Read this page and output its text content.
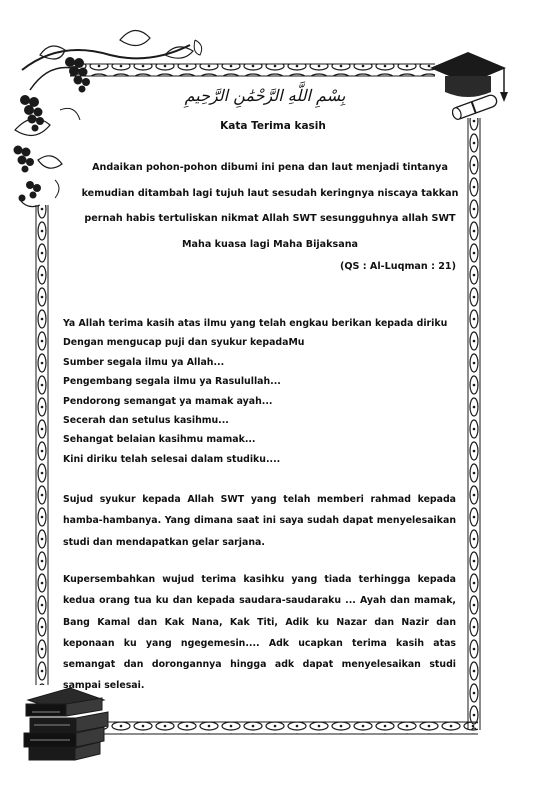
بِسْمِ اللَّهِ الرَّحْمَٰنِ الرَّحِيمِ
Kata Terima kasih
Andaikan pohon-pohon dibumi ini pena dan laut menjadi tintanya
kemudian ditambah lagi tujuh laut sesudah keringnya niscaya takkan
pernah habis tertuliskan nikmat Allah SWT sesungguhnya allah SWT
Maha kuasa lagi Maha Bijaksana
(QS : Al-Luqman : 21)
Ya Allah terima kasih atas ilmu yang telah engkau berikan kepada diriku
Dengan mengucap puji dan syukur kepadaMu
Sumber segala ilmu ya Allah...
Pengembang segala ilmu ya Rasulullah...
Pendorong semangat ya mamak ayah...
Secerah dan setulus kasihmu...
Sehangat belaian kasihmu mamak...
Kini diriku telah selesai dalam studiku....
Sujud syukur kepada Allah SWT yang telah memberi rahmad kepada hamba-hambanya. Yang dimana saat ini saya sudah dapat menyelesaikan studi dan mendapatkan gelar sarjana.
Kupersembahkan wujud terima kasihku yang tiada terhingga kepada kedua orang tua ku dan kepada saudara-saudaraku ... Ayah dan mamak, Bang Kamal dan Kak Nana, Kak Titi, Adik ku Nazar dan Nazir dan keponaan ku yang ngegemesin.... Adk ucapkan terima kasih atas semangat dan dorongannya hingga adk dapat menyelesaikan studi sampai selesai.
